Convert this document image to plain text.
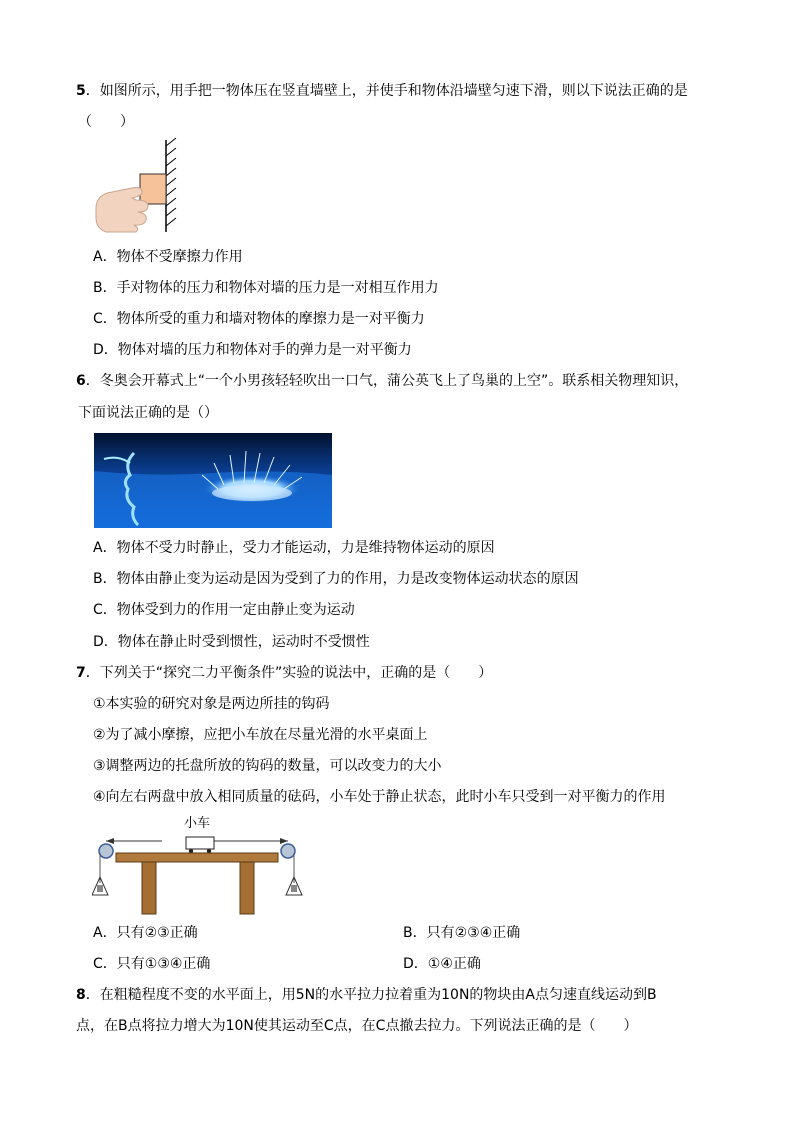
5．如图所示，用手把一物体压在竖直墙壁上，并使手和物体沿墙壁匀速下滑，则以下说法正确的是
（　　）
A．物体不受摩擦力作用
B．手对物体的压力和物体对墙的压力是一对相互作用力
C．物体所受的重力和墙对物体的摩擦力是一对平衡力
D．物体对墙的压力和物体对手的弹力是一对平衡力
6．冬奥会开幕式上“一个小男孩轻轻吹出一口气，蒲公英飞上了鸟巢的上空”。联系相关物理知识，
下面说法正确的是（）
A．物体不受力时静止，受力才能运动，力是维持物体运动的原因
B．物体由静止变为运动是因为受到了力的作用，力是改变物体运动状态的原因
C．物体受到力的作用一定由静止变为运动
D．物体在静止时受到惯性，运动时不受惯性
7．下列关于“探究二力平衡条件”实验的说法中，正确的是（　　）
①本实验的研究对象是两边所挂的钩码
②为了减小摩擦，应把小车放在尽量光滑的水平桌面上
③调整两边的托盘所放的钩码的数量，可以改变力的大小
④向左右两盘中放入相同质量的砝码，小车处于静止状态，此时小车只受到一对平衡力的作用
小车
A．只有②③正确	B．只有②③④正确
C．只有①③④正确	D．①④正确
8．在粗糙程度不变的水平面上，用5N的水平拉力拉着重为10N的物块由A点匀速直线运动到B
点，在B点将拉力增大为10N使其运动至C点，在C点撤去拉力。下列说法正确的是（　　）
